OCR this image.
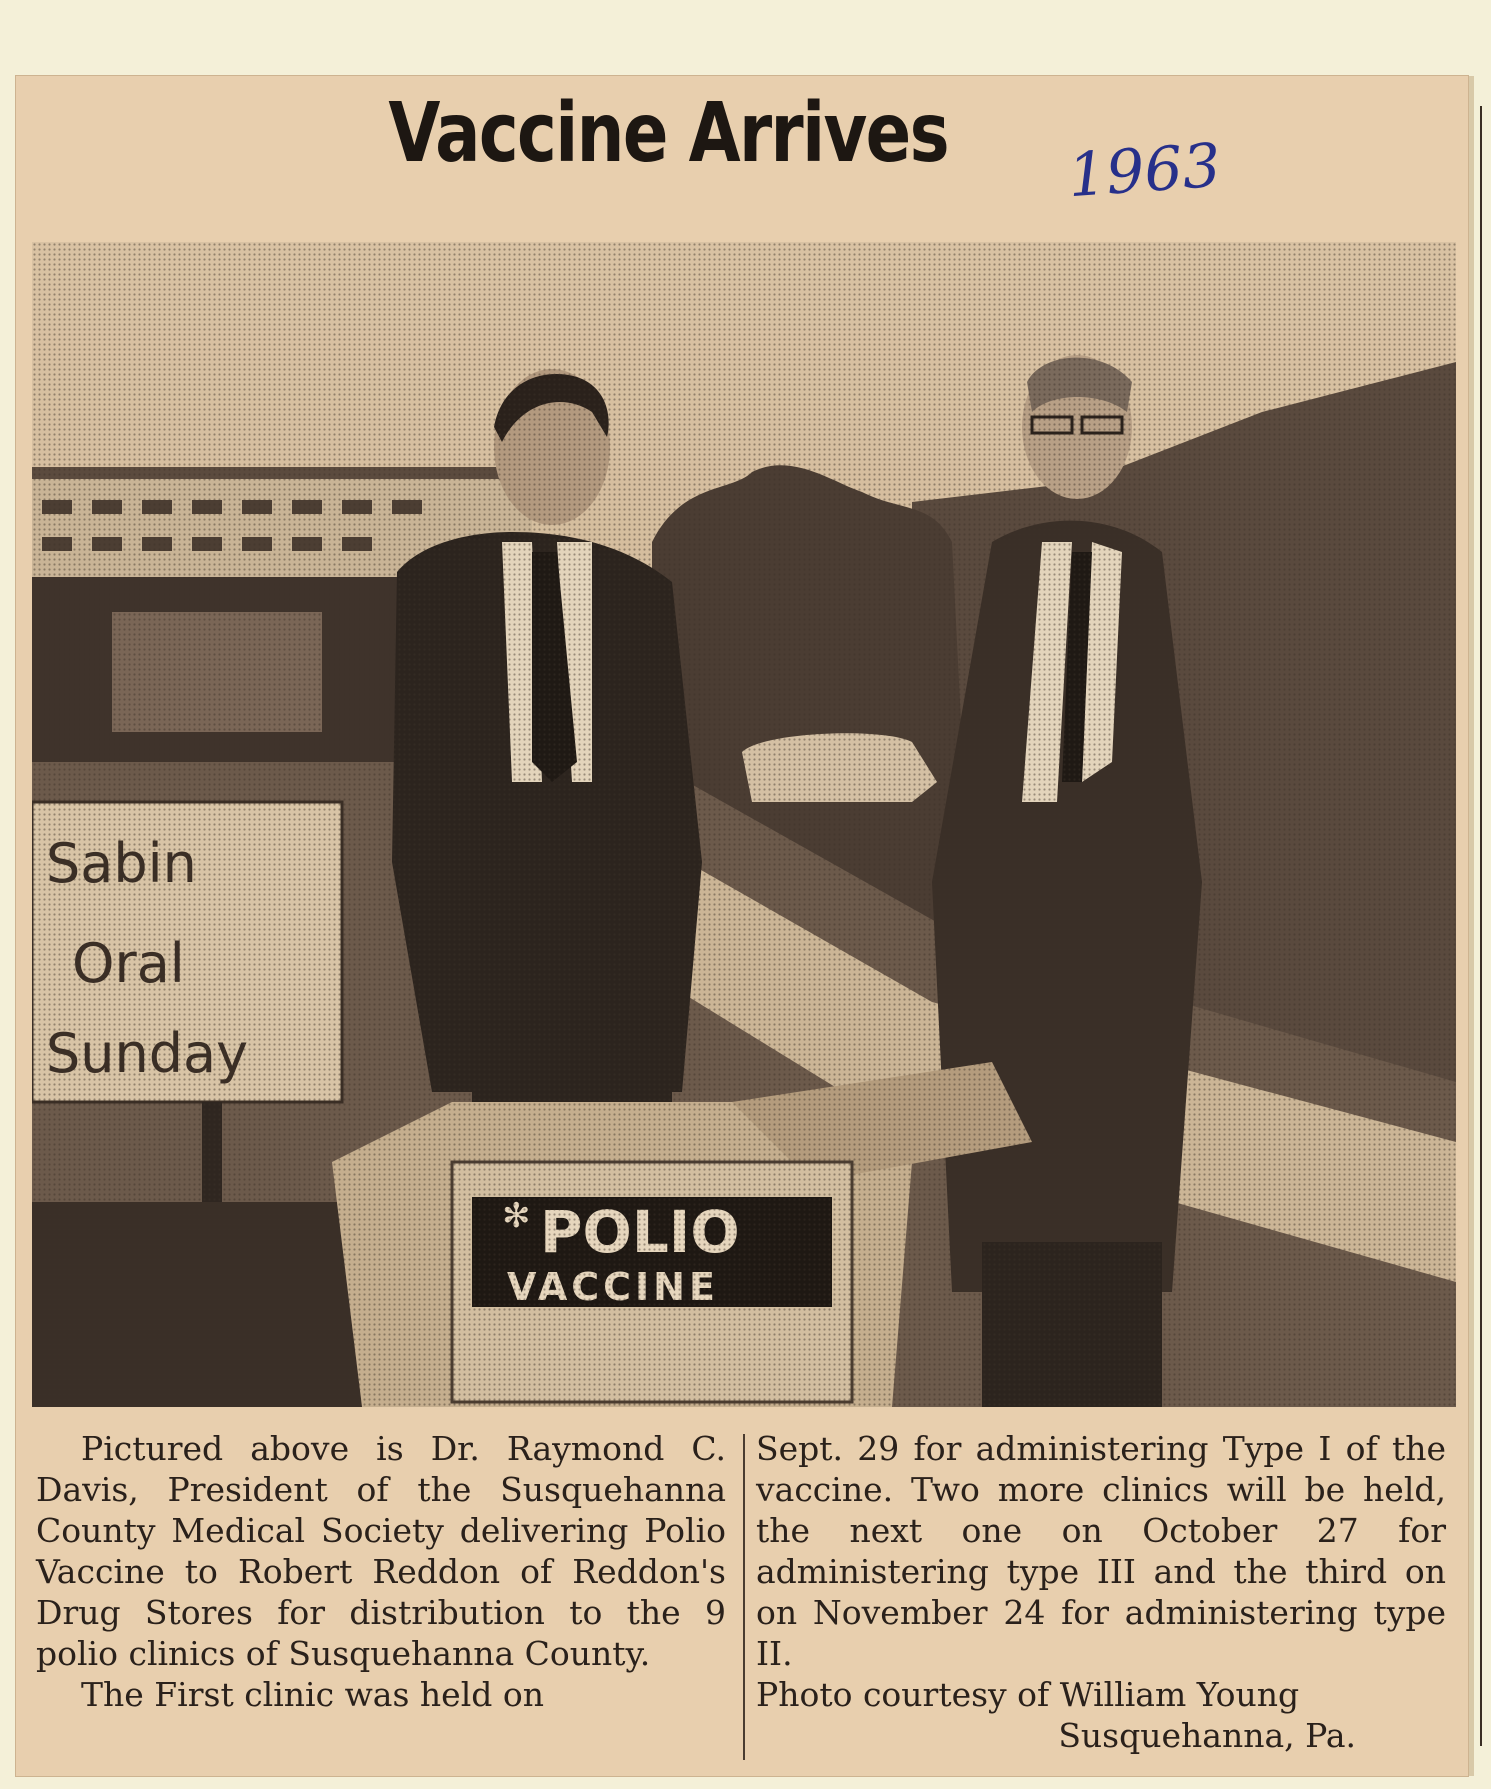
Vaccine Arrives	1963

Pictured above is Dr. Raymond C. Davis, President of the Susquehanna County Medical Society delivering Polio Vaccine to Robert Reddon of Reddon's Drug Stores for distribution to the 9 polio clinics of Susquehanna County.

The First clinic was held on

Sept. 29 for administering Type I of the vaccine. Two more clinics will be held, the next one on October 27 for administering type III and the third on on November 24 for administering type II.
Photo courtesy of William Young
Susquehanna, Pa.
